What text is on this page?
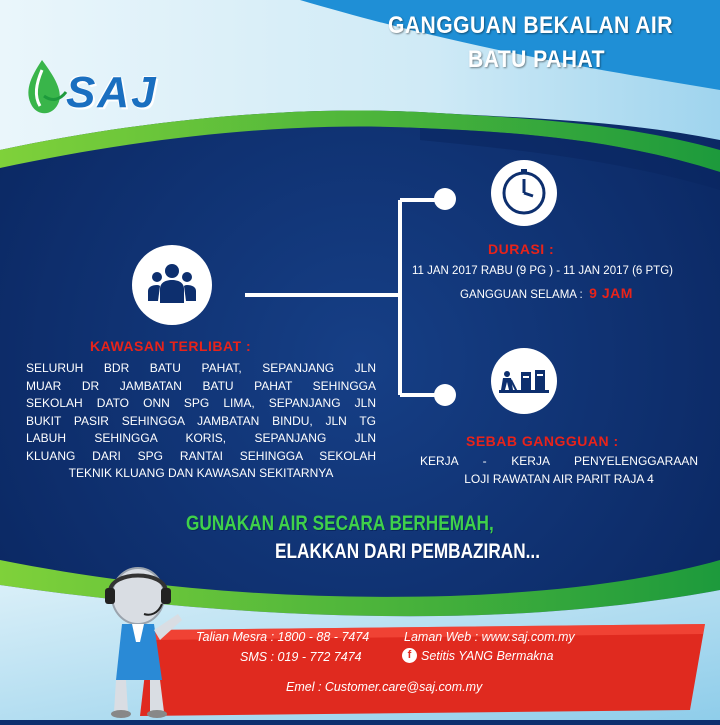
SAJ
GANGGUAN BEKALAN AIR
BATU PAHAT
DURASI :
11 JAN 2017 RABU (9 PG ) - 11 JAN 2017 (6 PTG)
GANGGUAN SELAMA : 9 JAM
KAWASAN TERLIBAT :
SELURUH BDR BATU PAHAT, SEPANJANG JLN
MUAR DR JAMBATAN BATU PAHAT SEHINGGA
SEKOLAH DATO ONN SPG LIMA, SEPANJANG JLN
BUKIT PASIR SEHINGGA JAMBATAN BINDU, JLN TG
LABUH SEHINGGA KORIS, SEPANJANG JLN
KLUANG DARI SPG RANTAI SEHINGGA SEKOLAH
TEKNIK KLUANG DAN KAWASAN SEKITARNYA
SEBAB GANGGUAN :
KERJA - KERJA PENYELENGGARAAN
LOJI RAWATAN AIR PARIT RAJA 4
GUNAKAN AIR SECARA BERHEMAH,
ELAKKAN DARI PEMBAZIRAN...
Talian Mesra : 1800 - 88 - 7474
SMS : 019 - 772 7474
Laman Web : www.saj.com.my
f Setitis YANG Bermakna
Emel : Customer.care@saj.com.my
